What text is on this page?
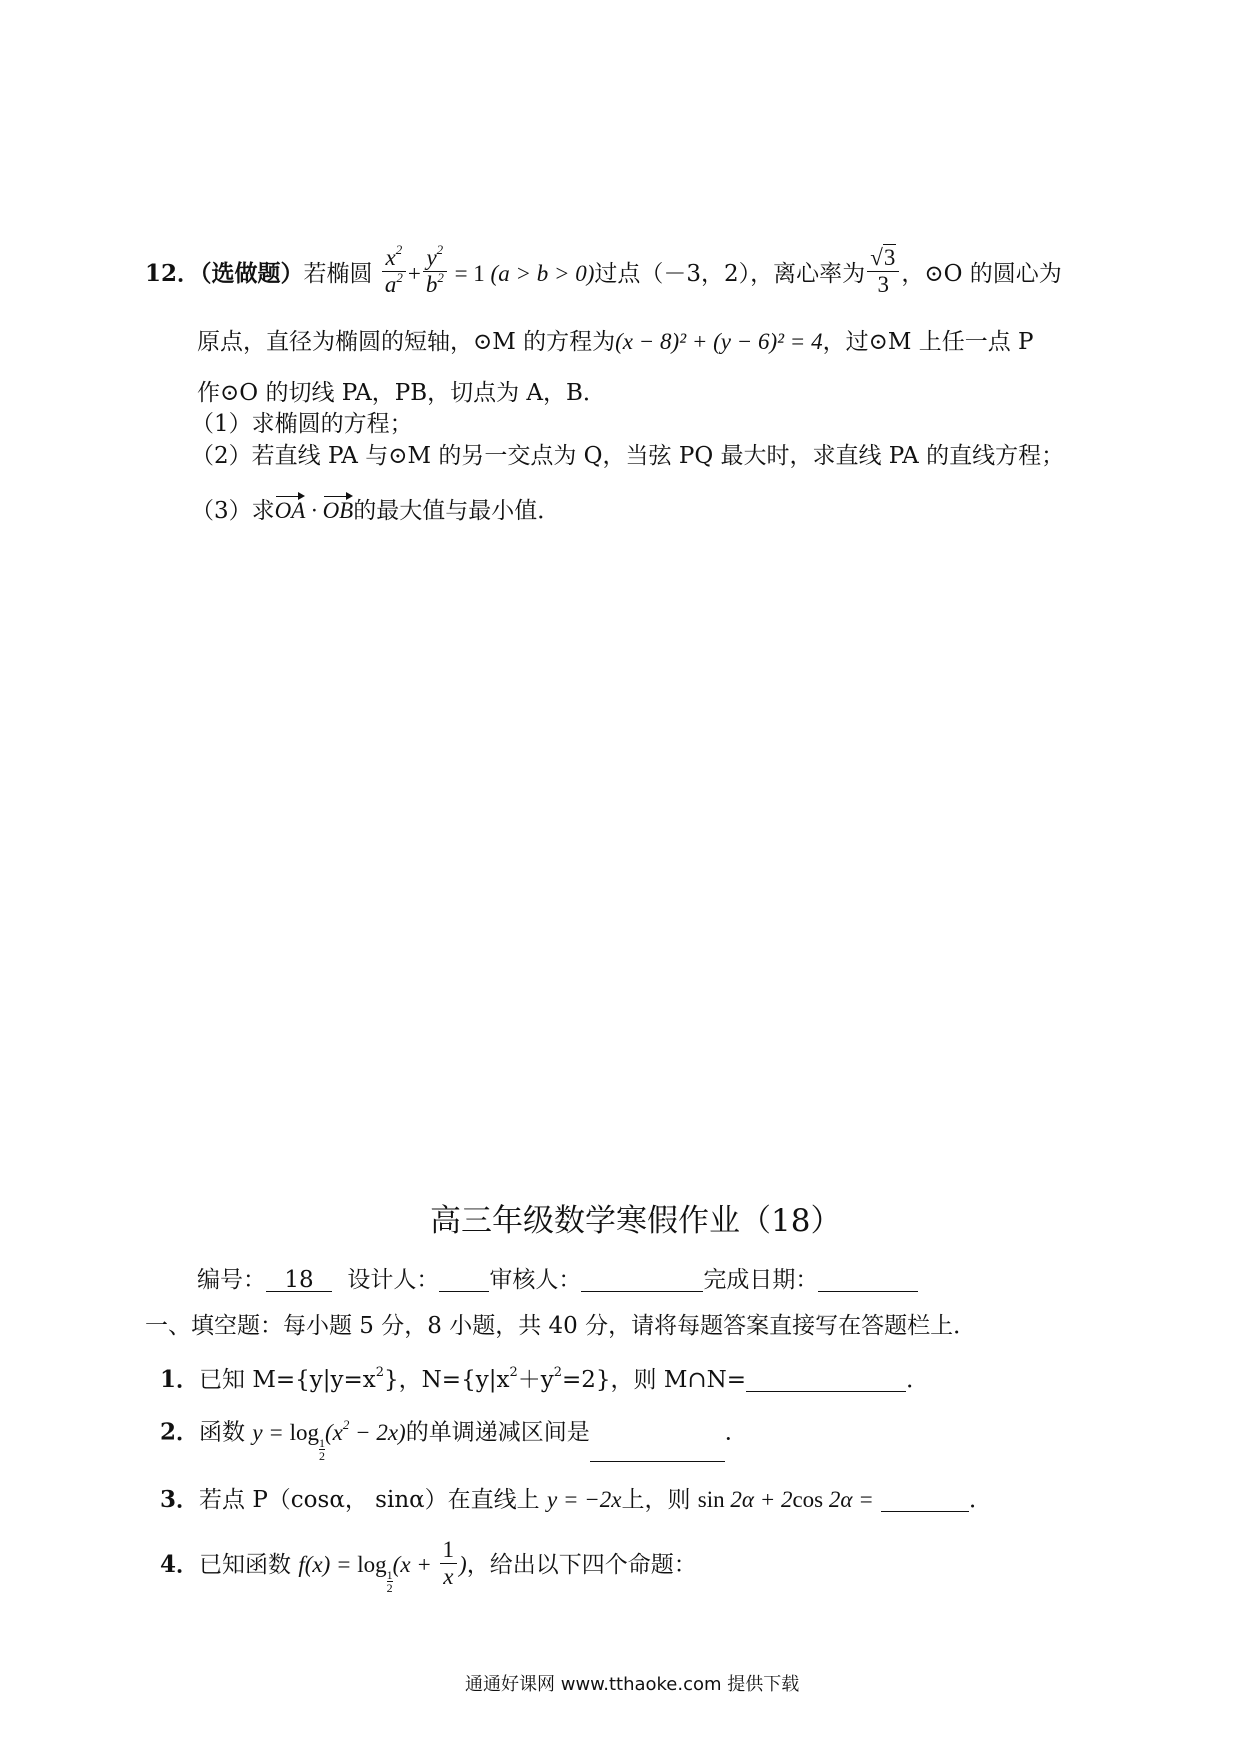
12．（选做题）若椭圆 $\frac{x^2}{a^2} + \frac{y^2}{b^2} = 1$ (a > b > 0)过点（－3，2），离心率为 $\frac{√3}{3}$ ，⊙O 的圆心为
原点，直径为椭圆的短轴，⊙M 的方程为(x − 8)² + (y − 6)² = 4，过⊙M 上任一点 P
作⊙O 的切线 PA，PB，切点为 A，B．
（1）求椭圆的方程；
（2）若直线 PA 与⊙M 的另一交点为 Q，当弦 PQ 最大时，求直线 PA 的直线方程；
（3）求OA · OB的最大值与最小值．
高三年级数学寒假作业（18）
编号： 18 设计人： 审核人：	完成日期：
一、填空题：每小题 5 分，8 小题，共 40 分，请将每题答案直接写在答题栏上．
1．已知 $M=\{y|y=x^2\}$，$N=\{y|x^2+y^2=2\}$，则 M∩N=	．
2．函数 y = log
$\frac{1}{2}(x^2 - 2x)$的单调递减区间是	．
3．若点 P（cosα， sinα）在直线上 y = −2x上，则 sin 2α + 2cos 2α =	．
4．已知函数 f(x) = log
$\frac{1}{2}(x + \frac{1}{x}$ )，给出以下四个命题：
通通好课网 www.tthaoke.com 提供下载
